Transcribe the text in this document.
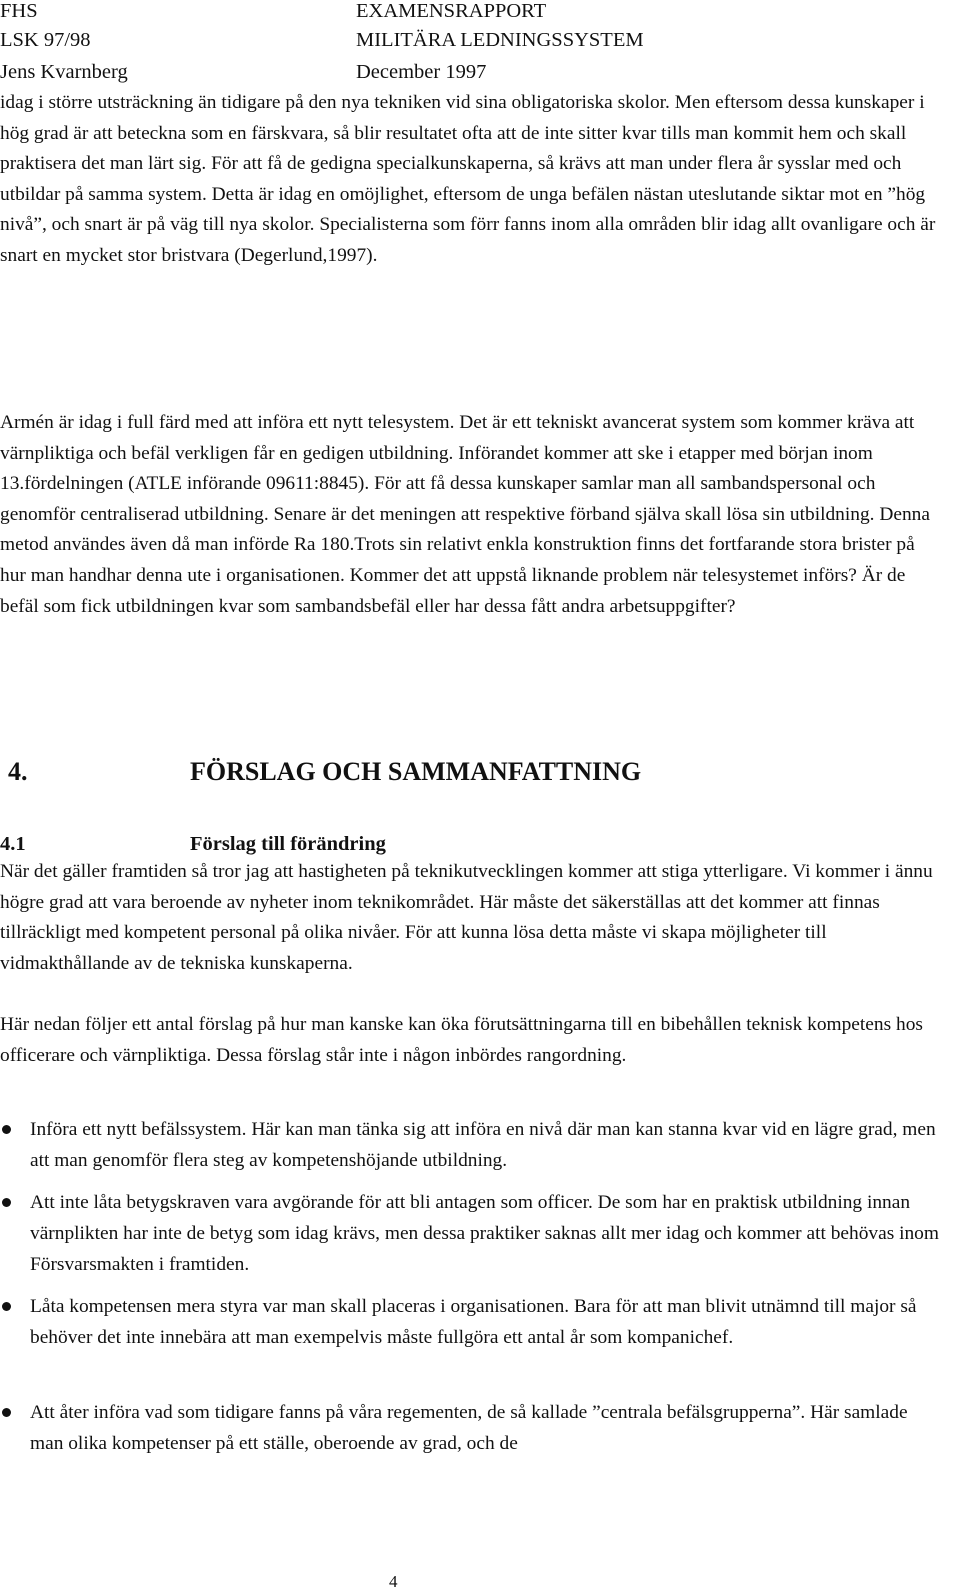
FHS	EXAMENSRAPPORT
LSK 97/98	MILITÄRA LEDNINGSSYSTEM
Jens Kvarnberg	December 1997

idag i större utsträckning än tidigare på den nya tekniken vid sina obligatoriska skolor. Men eftersom dessa kunskaper i hög grad är att beteckna som en färskvara, så blir resultatet ofta att de inte sitter kvar tills man kommit hem och skall praktisera det man lärt sig. För att få de gedigna specialkunskaperna, så krävs att man under flera år sysslar med och utbildar på samma system. Detta är idag en omöjlighet, eftersom de unga befälen nästan uteslutande siktar mot en ”hög nivå”, och snart är på väg till nya skolor. Specialisterna som förr fanns inom alla områden blir idag allt ovanligare och är snart en mycket stor bristvara (Degerlund,1997).

Armén är idag i full färd med att införa ett nytt telesystem. Det är ett tekniskt avancerat system som kommer kräva att värnpliktiga och befäl verkligen får en gedigen utbildning. Införandet kommer att ske i etapper med början inom 13.fördelningen (ATLE införande 09611:8845). För att få dessa kunskaper samlar man all sambandspersonal och genomför centraliserad utbildning. Senare är det meningen att respektive förband själva skall lösa sin utbildning. Denna metod användes även då man införde Ra 180.Trots sin relativt enkla konstruktion finns det fortfarande stora brister på hur man handhar denna ute i organisationen. Kommer det att uppstå liknande problem när telesystemet införs? Är de befäl som fick utbildningen kvar som sambandsbefäl eller har dessa fått andra arbetsuppgifter?

4.	FÖRSLAG OCH SAMMANFATTNING
4.1	Förslag till förändring

När det gäller framtiden så tror jag att hastigheten på teknikutvecklingen kommer att stiga ytterligare. Vi kommer i ännu högre grad att vara beroende av nyheter inom teknikområdet. Här måste det säkerställas att det kommer att finnas tillräckligt med kompetent personal på olika nivåer. För att kunna lösa detta måste vi skapa möjligheter till vidmakthållande av de tekniska kunskaperna.

Här nedan följer ett antal förslag på hur man kanske kan öka förutsättningarna till en bibehållen teknisk kompetens hos officerare och värnpliktiga. Dessa förslag står inte i någon inbördes rangordning.

Införa ett nytt befälssystem. Här kan man tänka sig att införa en nivå där man kan stanna kvar vid en lägre grad, men att man genomför flera steg av kompetenshöjande utbildning.

Att inte låta betygskraven vara avgörande för att bli antagen som officer. De som har en praktisk utbildning innan värnplikten har inte de betyg som idag krävs, men dessa praktiker saknas allt mer idag och kommer att behövas inom Försvarsmakten i framtiden.

Låta kompetensen mera styra var man skall placeras i organisationen. Bara för att man blivit utnämnd till major så behöver det inte innebära att man exempelvis måste fullgöra ett antal år som kompanichef.

Att åter införa vad som tidigare fanns på våra regementen, de så kallade ”centrala befälsgrupperna”. Här samlade man olika kompetenser på ett ställe, oberoende av grad, och de

4
